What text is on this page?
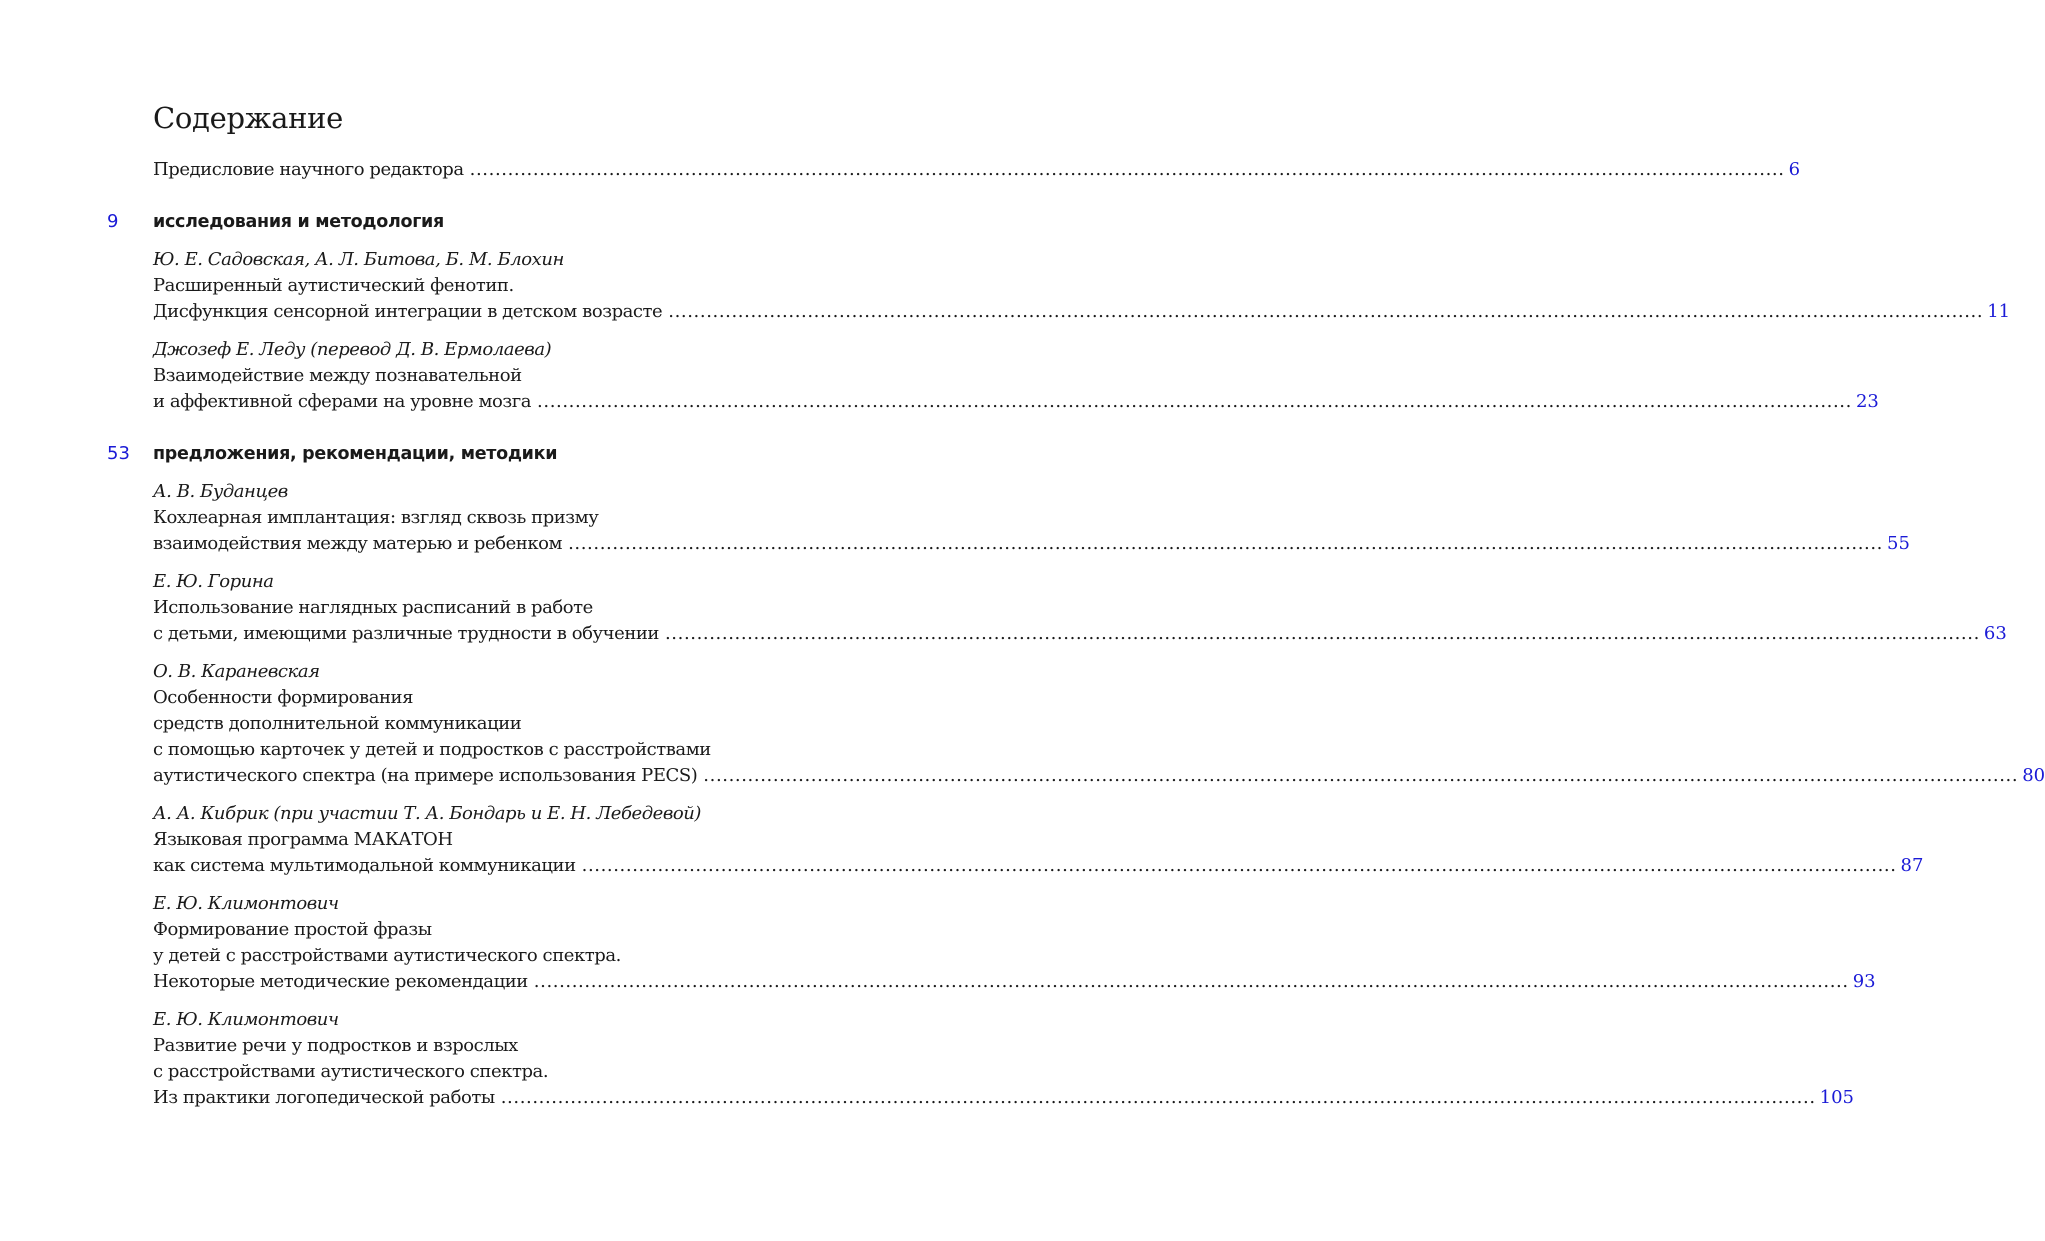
Содержание
Предисловие научного редактора .....	6
9 исследования и методология
Ю. Е. Садовская, А. Л. Битова, Б. М. Блохин
Расширенный аутистический фенотип.
Дисфункция сенсорной интеграции в детском возрасте .....	11
Джозеф Е. Леду (перевод Д. В. Ермолаева)
Взаимодействие между познавательной
и аффективной сферами на уровне мозга .....	23
53 предложения, рекомендации, методики
А. В. Буданцев
Кохлеарная имплантация: взгляд сквозь призму
взаимодействия между матерью и ребенком .....	55
Е. Ю. Горина
Использование наглядных расписаний в работе
с детьми, имеющими различные трудности в обучении .....	63
О. В. Караневская
Особенности формирования
средств дополнительной коммуникации
с помощью карточек у детей и подростков с расстройствами
аутистического спектра (на примере использования PECS) .....	80
А. А. Кибрик (при участии Т. А. Бондарь и Е. Н. Лебедевой)
Языковая программа МАКАТОН
как система мультимодальной коммуникации .....	87
Е. Ю. Климонтович
Формирование простой фразы
у детей с расстройствами аутистического спектра.
Некоторые методические рекомендации .....	93
Е. Ю. Климонтович
Развитие речи у подростков и взрослых
с расстройствами аутистического спектра.
Из практики логопедической работы .....	105
